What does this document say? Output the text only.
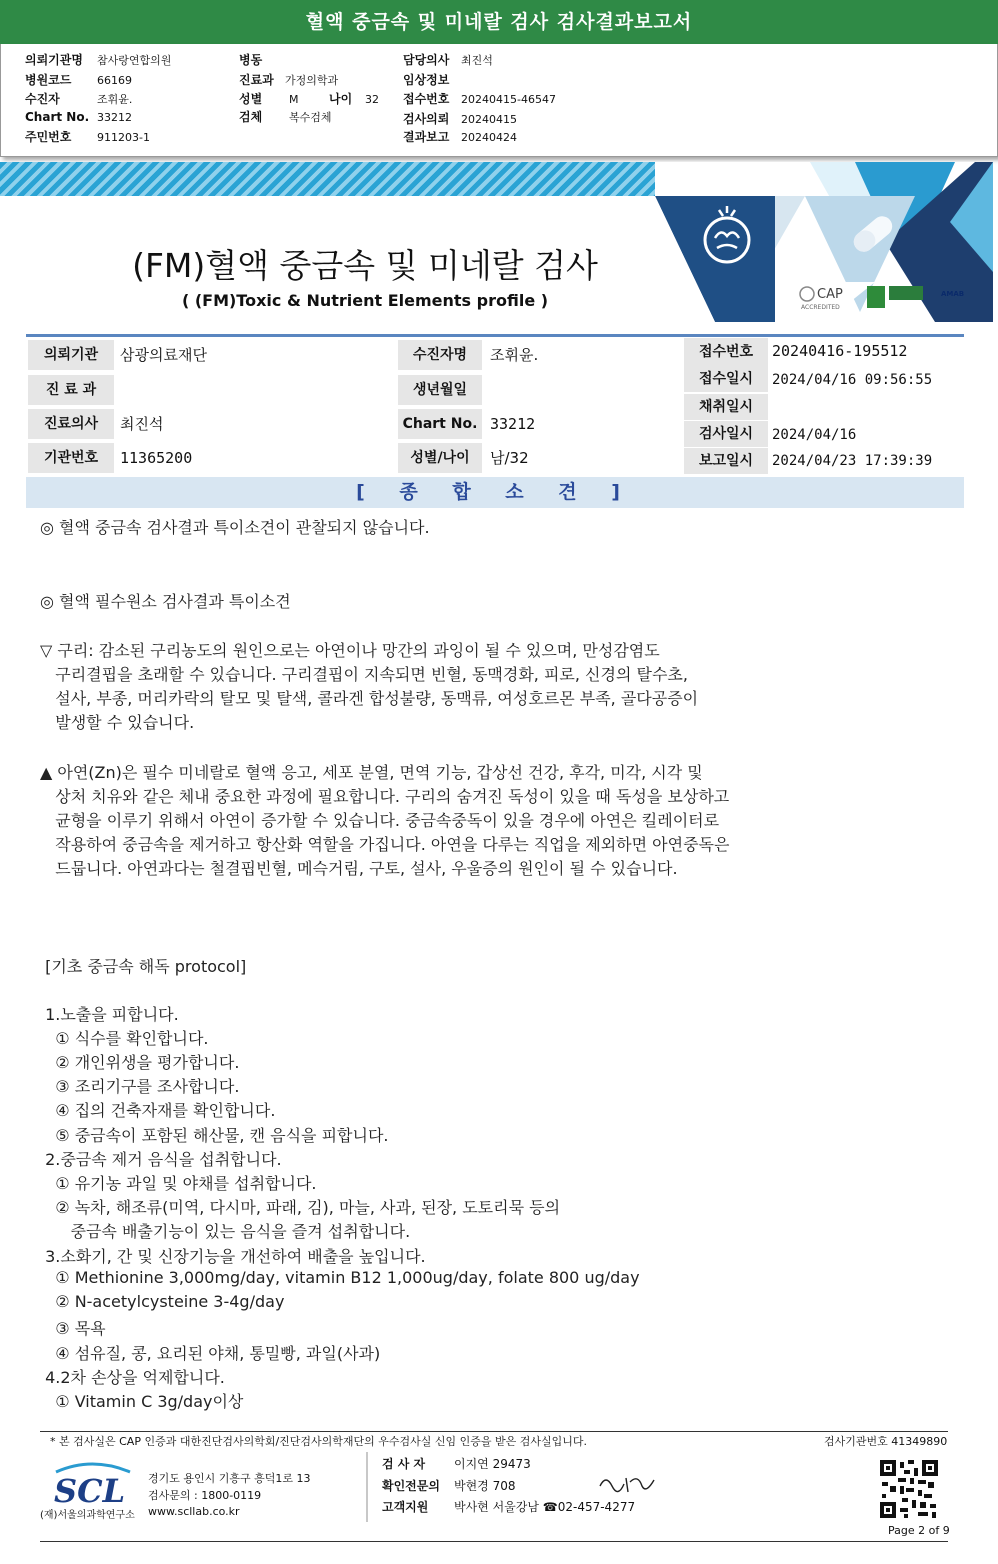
혈액 중금속 및 미네랄 검사 검사결과보고서
의뢰기관명 참사랑연합의원
병원코드 66169
수진자	조휘윤.
Chart No. 33212
주민번호 911203-1
병동
진료과 가정의학과
성별 M	나이 32
검체 복수검체
담당의사 최진석
임상정보
접수번호 20240415-46547
검사의뢰 20240415
결과보고 20240424
CAP
ACCREDITED
AMAB
(FM)혈액 중금속 및 미네랄 검사
( (FM)Toxic & Nutrient Elements profile )
의뢰기관	삼광의료재단
진 료 과
진료의사	최진석
기관번호	11365200
수진자명	조휘윤.
생년월일
Chart No. 33212
성별/나이	남/32
접수번호	20240416-195512
접수일시	2024/04/16 09:56:55
채취일시
검사일시	2024/04/16
보고일시	2024/04/23 17:39:39
[ 종 합 소 견 ]
◎ 혈액 중금속 검사결과 특이소견이 관찰되지 않습니다.
◎ 혈액 필수원소 검사결과 특이소견
▽ 구리: 감소된 구리농도의 원인으로는 아연이나 망간의 과잉이 될 수 있으며, 만성감염도
구리결핍을 초래할 수 있습니다. 구리결핍이 지속되면 빈혈, 동맥경화, 피로, 신경의 탈수초,
설사, 부종, 머리카락의 탈모 및 탈색, 콜라겐 합성불량, 동맥류, 여성호르몬 부족, 골다공증이
발생할 수 있습니다.
▲ 아연(Zn)은 필수 미네랄로 혈액 응고, 세포 분열, 면역 기능, 갑상선 건강, 후각, 미각, 시각 및
상처 치유와 같은 체내 중요한 과정에 필요합니다. 구리의 숨겨진 독성이 있을 때 독성을 보상하고
균형을 이루기 위해서 아연이 증가할 수 있습니다. 중금속중독이 있을 경우에 아연은 킬레이터로
작용하여 중금속을 제거하고 항산화 역할을 가집니다. 아연을 다루는 직업을 제외하면 아연중독은
드뭅니다. 아연과다는 철결핍빈혈, 메슥거림, 구토, 설사, 우울증의 원인이 될 수 있습니다.
[기초 중금속 해독 protocol]
1.노출을 피합니다.
① 식수를 확인합니다.
② 개인위생을 평가합니다.
③ 조리기구를 조사합니다.
④ 집의 건축자재를 확인합니다.
⑤ 중금속이 포함된 해산물, 캔 음식을 피합니다.
2.중금속 제거 음식을 섭취합니다.
① 유기농 과일 및 야채를 섭취합니다.
② 녹차, 해조류(미역, 다시마, 파래, 김), 마늘, 사과, 된장, 도토리묵 등의
중금속 배출기능이 있는 음식을 즐겨 섭취합니다.
3.소화기, 간 및 신장기능을 개선하여 배출을 높입니다.
① Methionine 3,000mg/day, vitamin B12 1,000ug/day, folate 800 ug/day
② N-acetylcysteine 3-4g/day
③ 목욕
④ 섬유질, 콩, 요리된 야채, 통밀빵, 과일(사과)
4.2차 손상을 억제합니다.
① Vitamin C 3g/day이상
* 본 검사실은 CAP 인증과 대한진단검사의학회/진단검사의학재단의 우수검사실 신임 인증을 받은 검사실입니다.	검사기관번호 41349890
SCL
(재)서울의과학연구소
경기도 용인시 기흥구 흥덕1로 13
검사문의 : 1800-0119
www.scllab.co.kr
검 사 자 이지연 29473
확인전문의 박현경 708
고객지원 박사현 서울강남 ☎02-457-4277
Page 2 of 9
